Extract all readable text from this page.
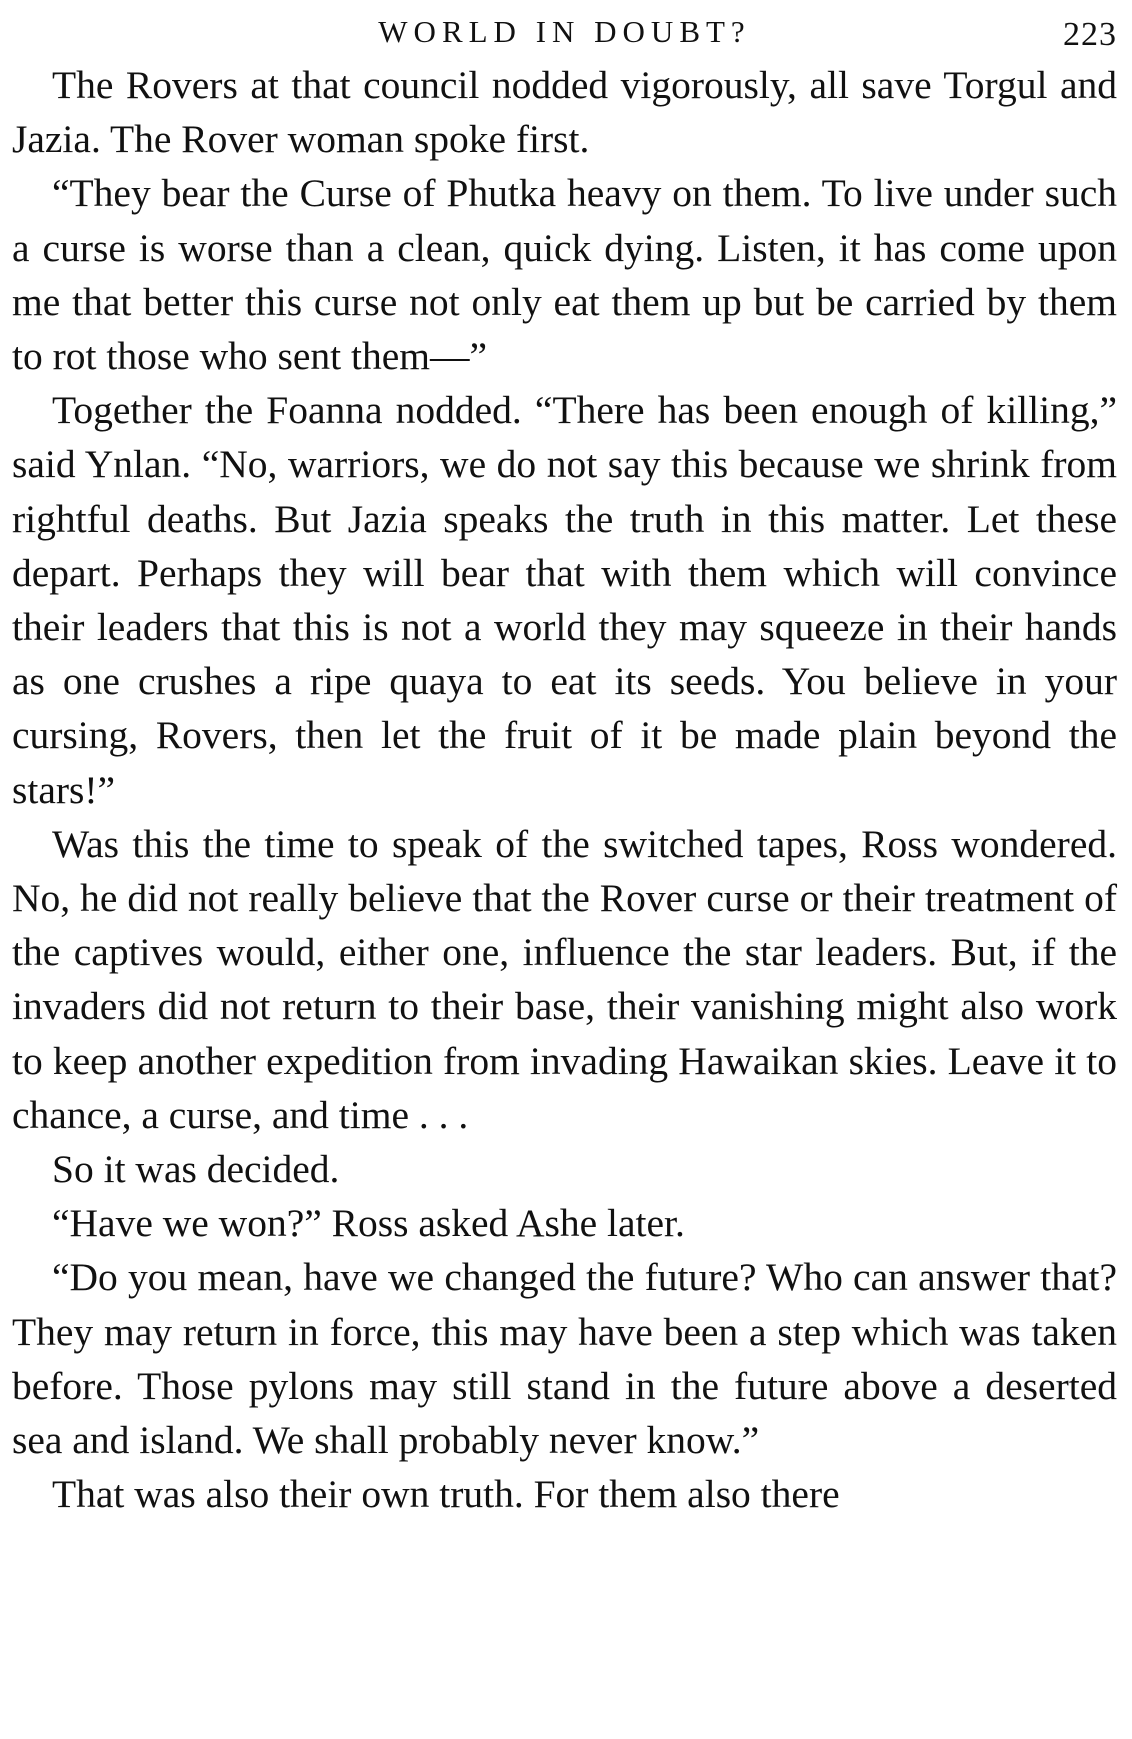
WORLD IN DOUBT?	223

The Rovers at that council nodded vigorously, all save Torgul and Jazia. The Rover woman spoke first.

“They bear the Curse of Phutka heavy on them. To live under such a curse is worse than a clean, quick dying. Listen, it has come upon me that better this curse not only eat them up but be carried by them to rot those who sent them—”

Together the Foanna nodded. “There has been enough of killing,” said Ynlan. “No, warriors, we do not say this because we shrink from rightful deaths. But Jazia speaks the truth in this matter. Let these depart. Perhaps they will bear that with them which will convince their leaders that this is not a world they may squeeze in their hands as one crushes a ripe quaya to eat its seeds. You believe in your cursing, Rovers, then let the fruit of it be made plain beyond the stars!”

Was this the time to speak of the switched tapes, Ross wondered. No, he did not really believe that the Rover curse or their treatment of the captives would, either one, influence the star leaders. But, if the invaders did not return to their base, their vanishing might also work to keep another expedition from invading Hawaikan skies. Leave it to chance, a curse, and time . . .

So it was decided.

“Have we won?” Ross asked Ashe later.

“Do you mean, have we changed the future? Who can answer that? They may return in force, this may have been a step which was taken before. Those pylons may still stand in the future above a deserted sea and island. We shall probably never know.”

That was also their own truth. For them also there
